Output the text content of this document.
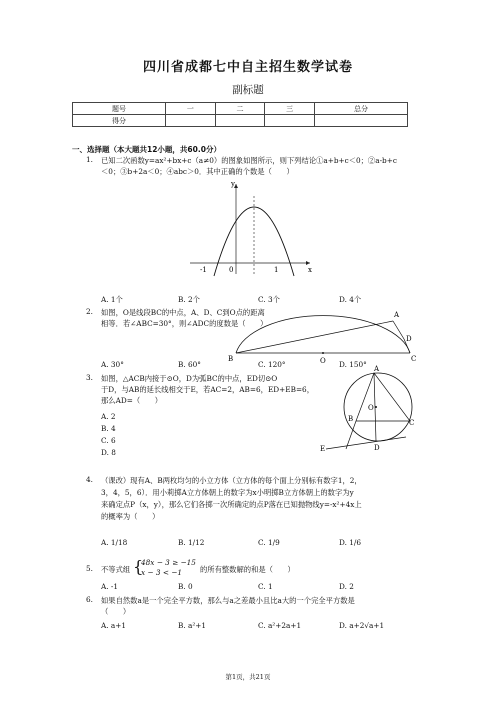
四川省成都七中自主招生数学试卷
副标题
题号	一	二	三	总分
得分				
一、选择题（本大题共12小题，共60.0分）
1. 已知二次函数y=ax²+bx+c（a≠0）的图象如图所示，则下列结论①a+b+c＜0；②a-b+c
＜0；③b+2a＜0；④abc＞0．其中正确的个数是（　　）
y
x
0
-1	1
A. 1个	B. 2个	C. 3个	D. 4个
2. 如图，O是线段BC的中点，A、D、C到O点的距离
相等．若∠ABC=30°，则∠ADC的度数是（　　）
A
B	C
D
O
A. 30°	B. 60°	C. 120°	D. 150°
3. 如图，△ACB内接于⊙O，D为弧BC的中点，ED切⊙O
于D，与AB的延长线相交于E，若AC=2，AB=6，ED+EB=6，
那么AD=（　　）
A. 2
B. 4
C. 6
D. 8
A
B	C
D
E
O
4. （课改）现有A、B两枚均匀的小立方体（立方体的每个面上分别标有数字1，2，
3，4，5，6）．用小莉掷A立方体朝上的数字为x小明掷B立方体朝上的数字为y
来确定点P（x，y），那么它们各掷一次所确定的点P落在已知抛物线y=-x²+4x上
的概率为（　　）
A. 1/18	B. 1/12	C. 1/9	D. 1/6
5. 不等式组 {
48x − 3 ≥ −15
x − 3 < −1	的所有整数解的和是（　　）
A. -1	B. 0	C. 1	D. 2
6. 如果自然数a是一个完全平方数，那么与a之差最小且比a大的一个完全平方数是
（　　）
A. a+1	B. a²+1	C. a²+2a+1	D. a+2√a+1
第1页，共21页
